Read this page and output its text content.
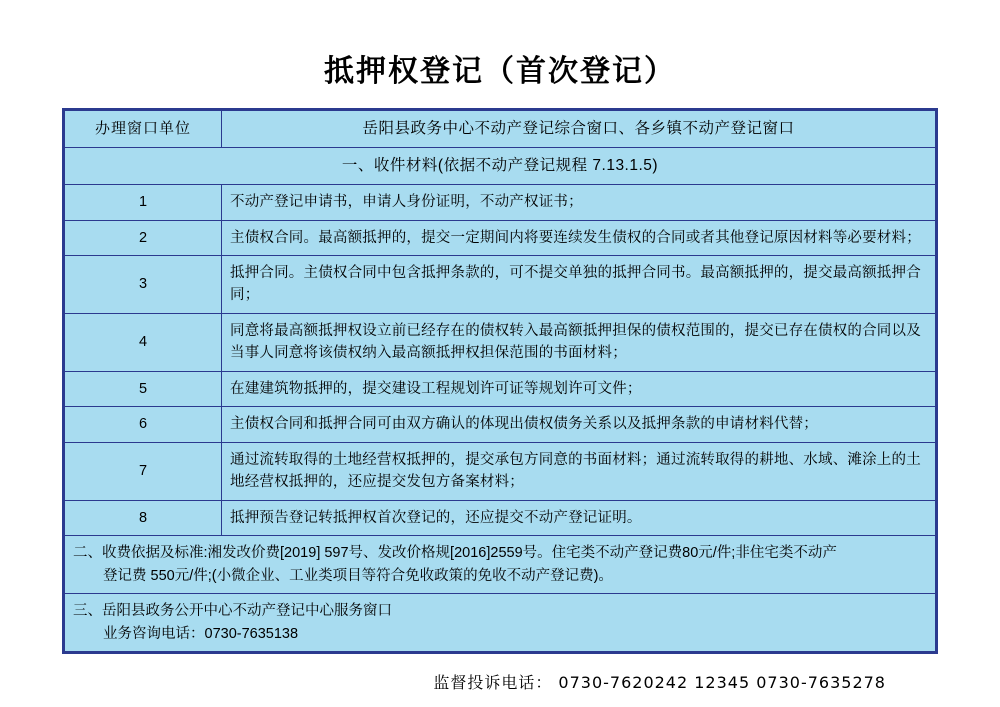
抵押权登记（首次登记）
办理窗口单位	岳阳县政务中心不动产登记综合窗口、各乡镇不动产登记窗口
一、收件材料(依据不动产登记规程 7.13.1.5)	
1	不动产登记申请书，申请人身份证明，不动产权证书；
2	主债权合同。最高额抵押的，提交一定期间内将要连续发生债权的合同或者其他登记原因材料等必要材料；
3	抵押合同。主债权合同中包含抵押条款的，可不提交单独的抵押合同书。最高额抵押的，提交最高额抵押合同；
4	同意将最高额抵押权设立前已经存在的债权转入最高额抵押担保的债权范围的，提交已存在债权的合同以及当事人同意将该债权纳入最高额抵押权担保范围的书面材料；
5	在建建筑物抵押的，提交建设工程规划许可证等规划许可文件；
6	主债权合同和抵押合同可由双方确认的体现出债权债务关系以及抵押条款的申请材料代替；
7	通过流转取得的土地经营权抵押的，提交承包方同意的书面材料；通过流转取得的耕地、水域、滩涂上的土地经营权抵押的，还应提交发包方备案材料；
8	抵押预告登记转抵押权首次登记的，还应提交不动产登记证明。

二、收费依据及标准:湘发改价费[2019] 597号、发改价格规[2016]2559号。住宅类不动产登记费80元/件;非住宅类不动产
登记费 550元/件;(小微企业、工业类项目等符合免收政策的免收不动产登记费)。	

三、岳阳县政务公开中心不动产登记中心服务窗口
业务咨询电话：0730-7635138	
监督投诉电话： 0730-7620242 12345 0730-7635278
